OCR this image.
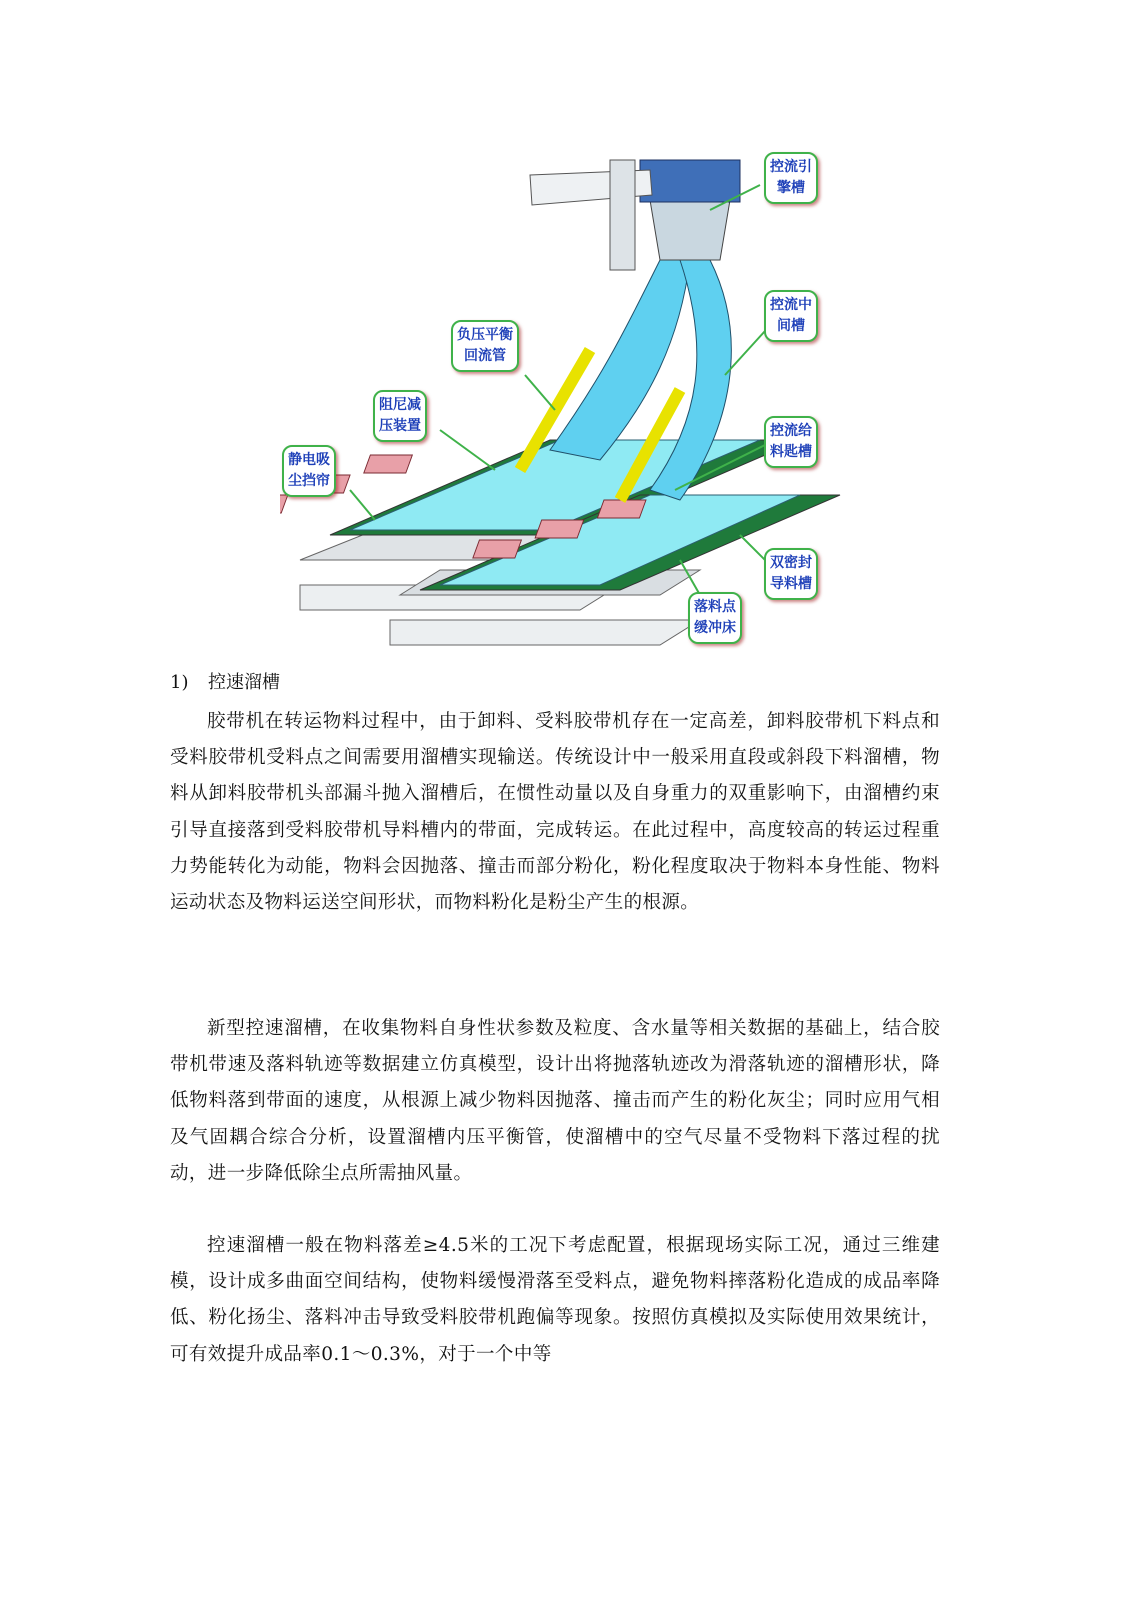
控流引
擎槽
控流中
间槽
负压平衡
回流管
阻尼减
压装置	控流给
料匙槽
静电吸
尘挡帘
双密封
导料槽
落料点
缓冲床
1) 控速溜槽

胶带机在转运物料过程中，由于卸料、受料胶带机存在一定高差，卸料胶带机下料点和受料胶带机受料点之间需要用溜槽实现输送。传统设计中一般采用直段或斜段下料溜槽，物料从卸料胶带机头部漏斗抛入溜槽后，在惯性动量以及自身重力的双重影响下，由溜槽约束引导直接落到受料胶带机导料槽内的带面，完成转运。在此过程中，高度较高的转运过程重力势能转化为动能，物料会因抛落、撞击而部分粉化，粉化程度取决于物料本身性能、物料运动状态及物料运送空间形状，而物料粉化是粉尘产生的根源。

新型控速溜槽，在收集物料自身性状参数及粒度、含水量等相关数据的基础上，结合胶带机带速及落料轨迹等数据建立仿真模型，设计出将抛落轨迹改为滑落轨迹的溜槽形状，降低物料落到带面的速度，从根源上减少物料因抛落、撞击而产生的粉化灰尘；同时应用气相及气固耦合综合分析，设置溜槽内压平衡管，使溜槽中的空气尽量不受物料下落过程的扰动，进一步降低除尘点所需抽风量。

控速溜槽一般在物料落差≥4.5米的工况下考虑配置，根据现场实际工况，通过三维建模，设计成多曲面空间结构，使物料缓慢滑落至受料点，避免物料摔落粉化造成的成品率降低、粉化扬尘、落料冲击导致受料胶带机跑偏等现象。按照仿真模拟及实际使用效果统计，可有效提升成品率0.1～0.3%，对于一个中等
